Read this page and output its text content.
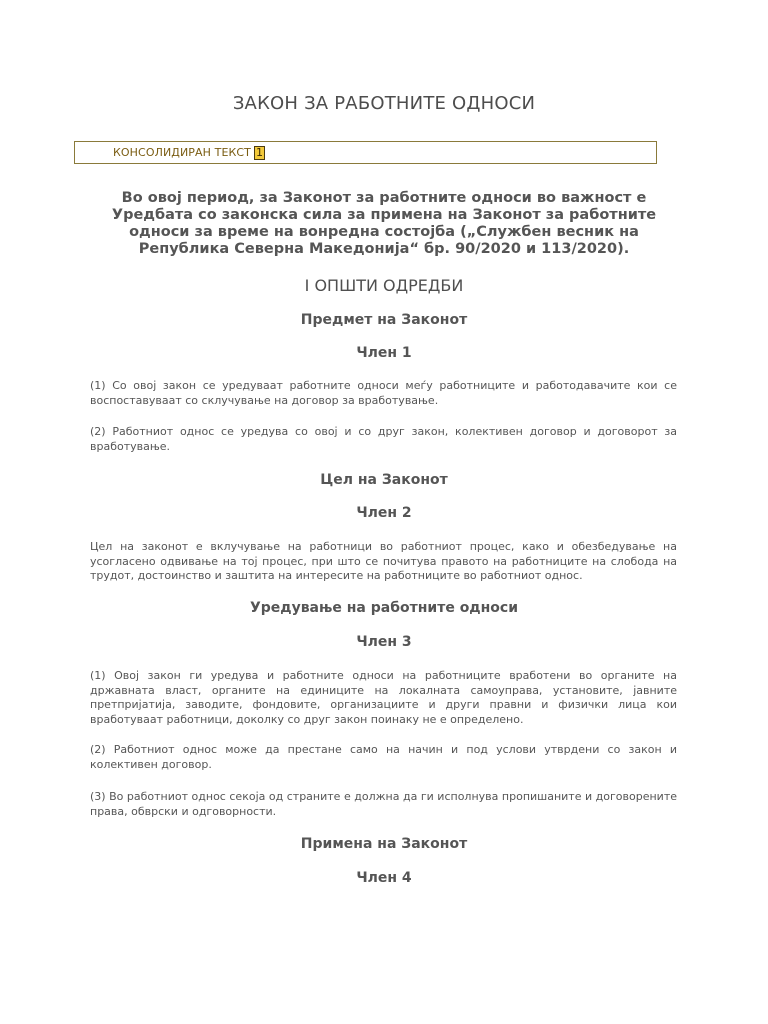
ЗАКОН ЗА РАБОТНИТЕ ОДНОСИ
КОНСОЛИДИРАН ТЕКСТ 1
Во овој период, за Законот за работните односи во важност е Уредбата со законска сила за примена на Законот за работните односи за време на вонредна состојба („Службен весник на Република Северна Македонија“ бр. 90/2020 и 113/2020).
I ОПШТИ ОДРЕДБИ
Предмет на Законот
Член 1
(1) Со овој закон се уредуваат работните односи меѓу работниците и работодавачите кои се воспоставуваат со склучување на договор за вработување.
(2) Работниот однос се уредува со овој и со друг закон, колективен договор и договорот за вработување.
Цел на Законот
Член 2
Цел на законот е вклучување на работници во работниот процес, како и обезбедување на усогласено одвивање на тој процес, при што се почитува правото на работниците на слобода на трудот, достоинство и заштита на интересите на работниците во работниот однос.
Уредување на работните односи
Член 3
(1) Овој закон ги уредува и работните односи на работниците вработени во органите на државната власт, органите на единиците на локалната самоуправа, установите, јавните претпријатија, заводите, фондовите, организациите и други правни и физички лица кои вработуваат работници, доколку со друг закон поинаку не е определено.
(2) Работниот однос може да престане само на начин и под услови утврдени со закон и колективен договор.
(3) Во работниот однос секоја од страните е должна да ги исполнува пропишаните и договорените права, обврски и одговорности.
Примена на Законот
Член 4
